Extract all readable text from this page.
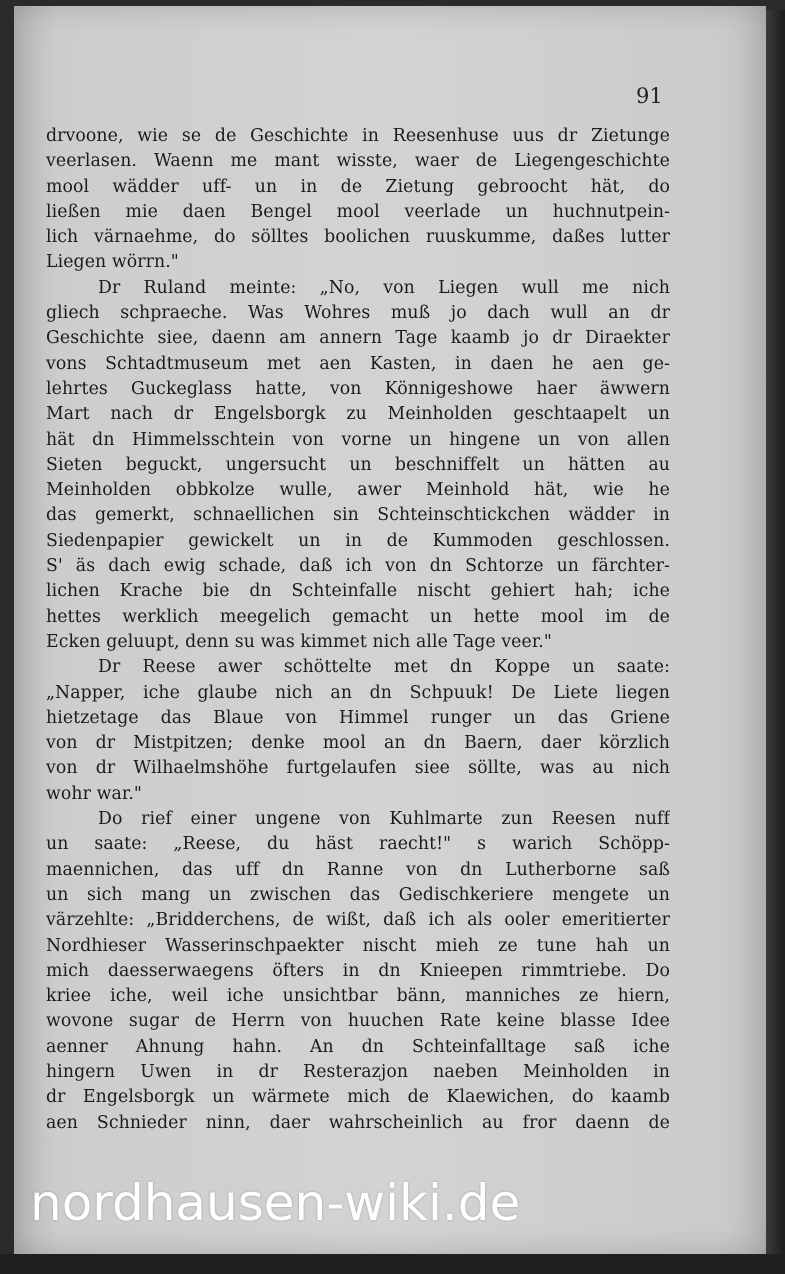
91
drvoone, wie se de Geschichte in Reesenhuse uus dr Zietunge
veerlasen. Waenn me mant wisste, waer de Liegengeschichte
mool wädder uff- un in de Zietung gebroocht hät, do
ließen mie daen Bengel mool veerlade un huchnutpein-
lich värnaehme, do sölltes boolichen ruuskumme, daßes lutter
Liegen wörrn."
Dr Ruland meinte: „No, von Liegen wull me nich
gliech schpraeche. Was Wohres muß jo dach wull an dr
Geschichte siee, daenn am annern Tage kaamb jo dr Diraekter
vons Schtadtmuseum met aen Kasten, in daen he aen ge-
lehrtes Guckeglass hatte, von Könnigeshowe haer äwwern
Mart nach dr Engelsborgk zu Meinholden geschtaapelt un
hät dn Himmelsschtein von vorne un hingene un von allen
Sieten beguckt, ungersucht un beschniffelt un hätten au
Meinholden obbkolze wulle, awer Meinhold hät, wie he
das gemerkt, schnaellichen sin Schteinschtickchen wädder in
Siedenpapier gewickelt un in de Kummoden geschlossen.
S' äs dach ewig schade, daß ich von dn Schtorze un färchter-
lichen Krache bie dn Schteinfalle nischt gehiert hah; iche
hettes werklich meegelich gemacht un hette mool im de
Ecken geluupt, denn su was kimmet nich alle Tage veer."
Dr Reese awer schöttelte met dn Koppe un saate:
„Napper, iche glaube nich an dn Schpuuk! De Liete liegen
hietzetage das Blaue von Himmel runger un das Griene
von dr Mistpitzen; denke mool an dn Baern, daer körzlich
von dr Wilhaelmshöhe furtgelaufen siee söllte, was au nich
wohr war."
Do rief einer ungene von Kuhlmarte zun Reesen nuff
un saate: „Reese, du häst raecht!" s warich Schöpp-
maennichen, das uff dn Ranne von dn Lutherborne saß
un sich mang un zwischen das Gedischkeriere mengete un
värzehlte: „Bridderchens, de wißt, daß ich als ooler emeritierter
Nordhieser Wasserinschpaekter nischt mieh ze tune hah un
mich daesserwaegens öfters in dn Knieepen rimmtriebe. Do
kriee iche, weil iche unsichtbar bänn, manniches ze hiern,
wovone sugar de Herrn von huuchen Rate keine blasse Idee
aenner Ahnung hahn. An dn Schteinfalltage saß iche
hingern Uwen in dr Resterazjon naeben Meinholden in
dr Engelsborgk un wärmete mich de Klaewichen, do kaamb
aen Schnieder ninn, daer wahrscheinlich au fror daenn de
nordhausen-wiki.de
